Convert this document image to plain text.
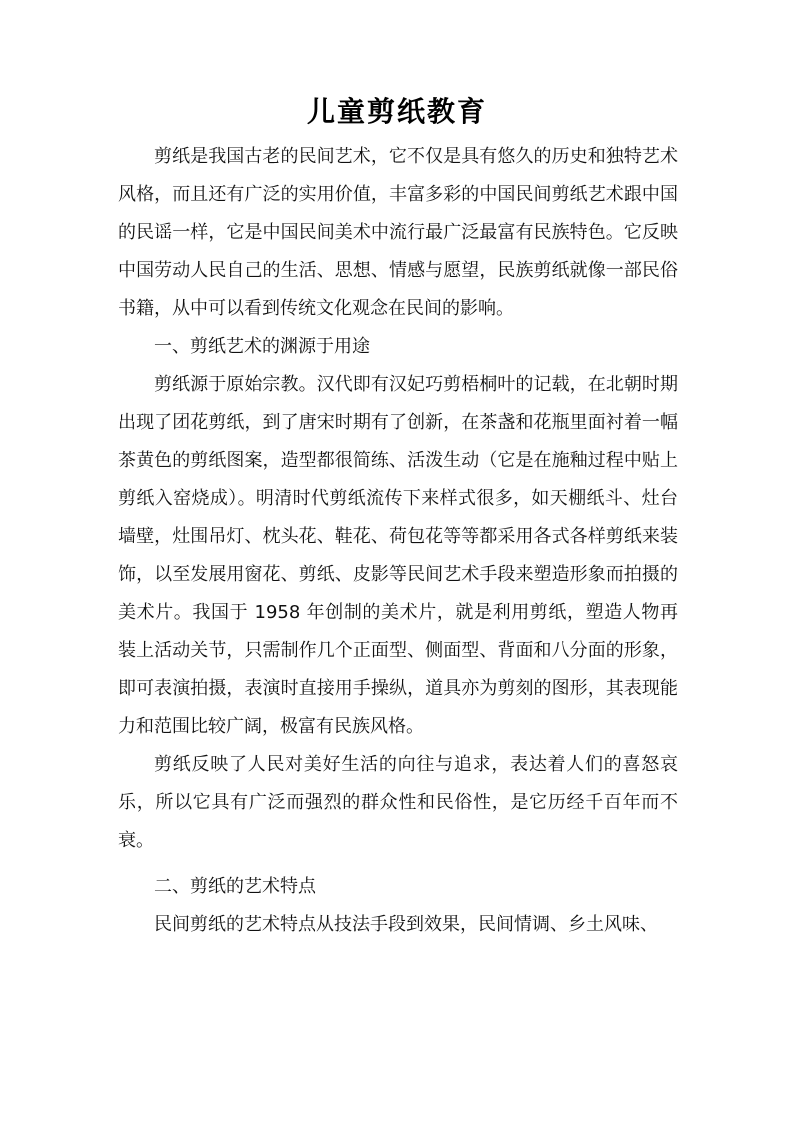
儿童剪纸教育

剪纸是我国古老的民间艺术，它不仅是具有悠久的历史和独特艺术风格，而且还有广泛的实用价值，丰富多彩的中国民间剪纸艺术跟中国的民谣一样，它是中国民间美术中流行最广泛最富有民族特色。它反映中国劳动人民自己的生活、思想、情感与愿望，民族剪纸就像一部民俗书籍，从中可以看到传统文化观念在民间的影响。

一、剪纸艺术的渊源于用途

剪纸源于原始宗教。汉代即有汉妃巧剪梧桐叶的记载，在北朝时期出现了团花剪纸，到了唐宋时期有了创新，在茶盏和花瓶里面衬着一幅茶黄色的剪纸图案，造型都很简练、活泼生动（它是在施釉过程中贴上剪纸入窑烧成）。明清时代剪纸流传下来样式很多，如天棚纸斗、灶台墙壁，灶围吊灯、枕头花、鞋花、荷包花等等都采用各式各样剪纸来装饰，以至发展用窗花、剪纸、皮影等民间艺术手段来塑造形象而拍摄的美术片。我国于 1958 年创制的美术片，就是利用剪纸，塑造人物再装上活动关节，只需制作几个正面型、侧面型、背面和八分面的形象，即可表演拍摄，表演时直接用手操纵，道具亦为剪刻的图形，其表现能力和范围比较广阔，极富有民族风格。

剪纸反映了人民对美好生活的向往与追求，表达着人们的喜怒哀乐，所以它具有广泛而强烈的群众性和民俗性，是它历经千百年而不衰。

二、剪纸的艺术特点

民间剪纸的艺术特点从技法手段到效果，民间情调、乡土风味、
